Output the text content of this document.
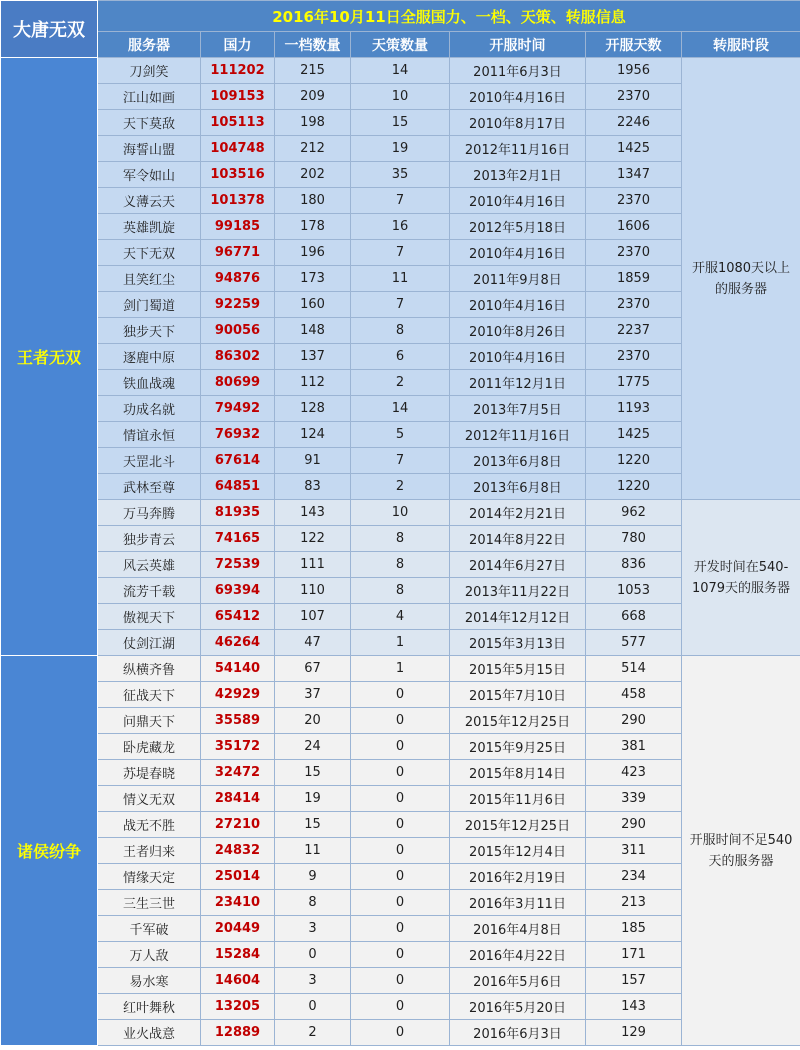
大唐无双	2016年10月11日全服国力、一档、天策、转服信息						
	服务器	国力	一档数量	天策数量	开服时间	开服天数	转服时段
王者无双	刀剑笑	111202	215	14	2011年6月3日	1956	开服1080天以上的服务器
	江山如画	109153	209	10	2010年4月16日	2370	
	天下莫敌	105113	198	15	2010年8月17日	2246	
	海誓山盟	104748	212	19	2012年11月16日	1425	
	军令如山	103516	202	35	2013年2月1日	1347	
	义薄云天	101378	180	7	2010年4月16日	2370	
	英雄凯旋	99185	178	16	2012年5月18日	1606	
	天下无双	96771	196	7	2010年4月16日	2370	
	且笑红尘	94876	173	11	2011年9月8日	1859	
	剑门蜀道	92259	160	7	2010年4月16日	2370	
	独步天下	90056	148	8	2010年8月26日	2237	
	逐鹿中原	86302	137	6	2010年4月16日	2370	
	铁血战魂	80699	112	2	2011年12月1日	1775	
	功成名就	79492	128	14	2013年7月5日	1193	
	情谊永恒	76932	124	5	2012年11月16日	1425	
	天罡北斗	67614	91	7	2013年6月8日	1220	
	武林至尊	64851	83	2	2013年6月8日	1220	
	万马奔腾	81935	143	10	2014年2月21日	962	开发时间在540-1079天的服务器
	独步青云	74165	122	8	2014年8月22日	780	
	风云英雄	72539	111	8	2014年6月27日	836	
	流芳千载	69394	110	8	2013年11月22日	1053	
	傲视天下	65412	107	4	2014年12月12日	668	
	仗剑江湖	46264	47	1	2015年3月13日	577	
诸侯纷争	纵横齐鲁	54140	67	1	2015年5月15日	514	开服时间不足540天的服务器
	征战天下	42929	37	0	2015年7月10日	458	
	问鼎天下	35589	20	0	2015年12月25日	290	
	卧虎藏龙	35172	24	0	2015年9月25日	381	
	苏堤春晓	32472	15	0	2015年8月14日	423	
	情义无双	28414	19	0	2015年11月6日	339	
	战无不胜	27210	15	0	2015年12月25日	290	
	王者归来	24832	11	0	2015年12月4日	311	
	情缘天定	25014	9	0	2016年2月19日	234	
	三生三世	23410	8	0	2016年3月11日	213	
	千军破	20449	3	0	2016年4月8日	185	
	万人敌	15284	0	0	2016年4月22日	171	
	易水寒	14604	3	0	2016年5月6日	157	
	红叶舞秋	13205	0	0	2016年5月20日	143	
	业火战意	12889	2	0	2016年6月3日	129	
